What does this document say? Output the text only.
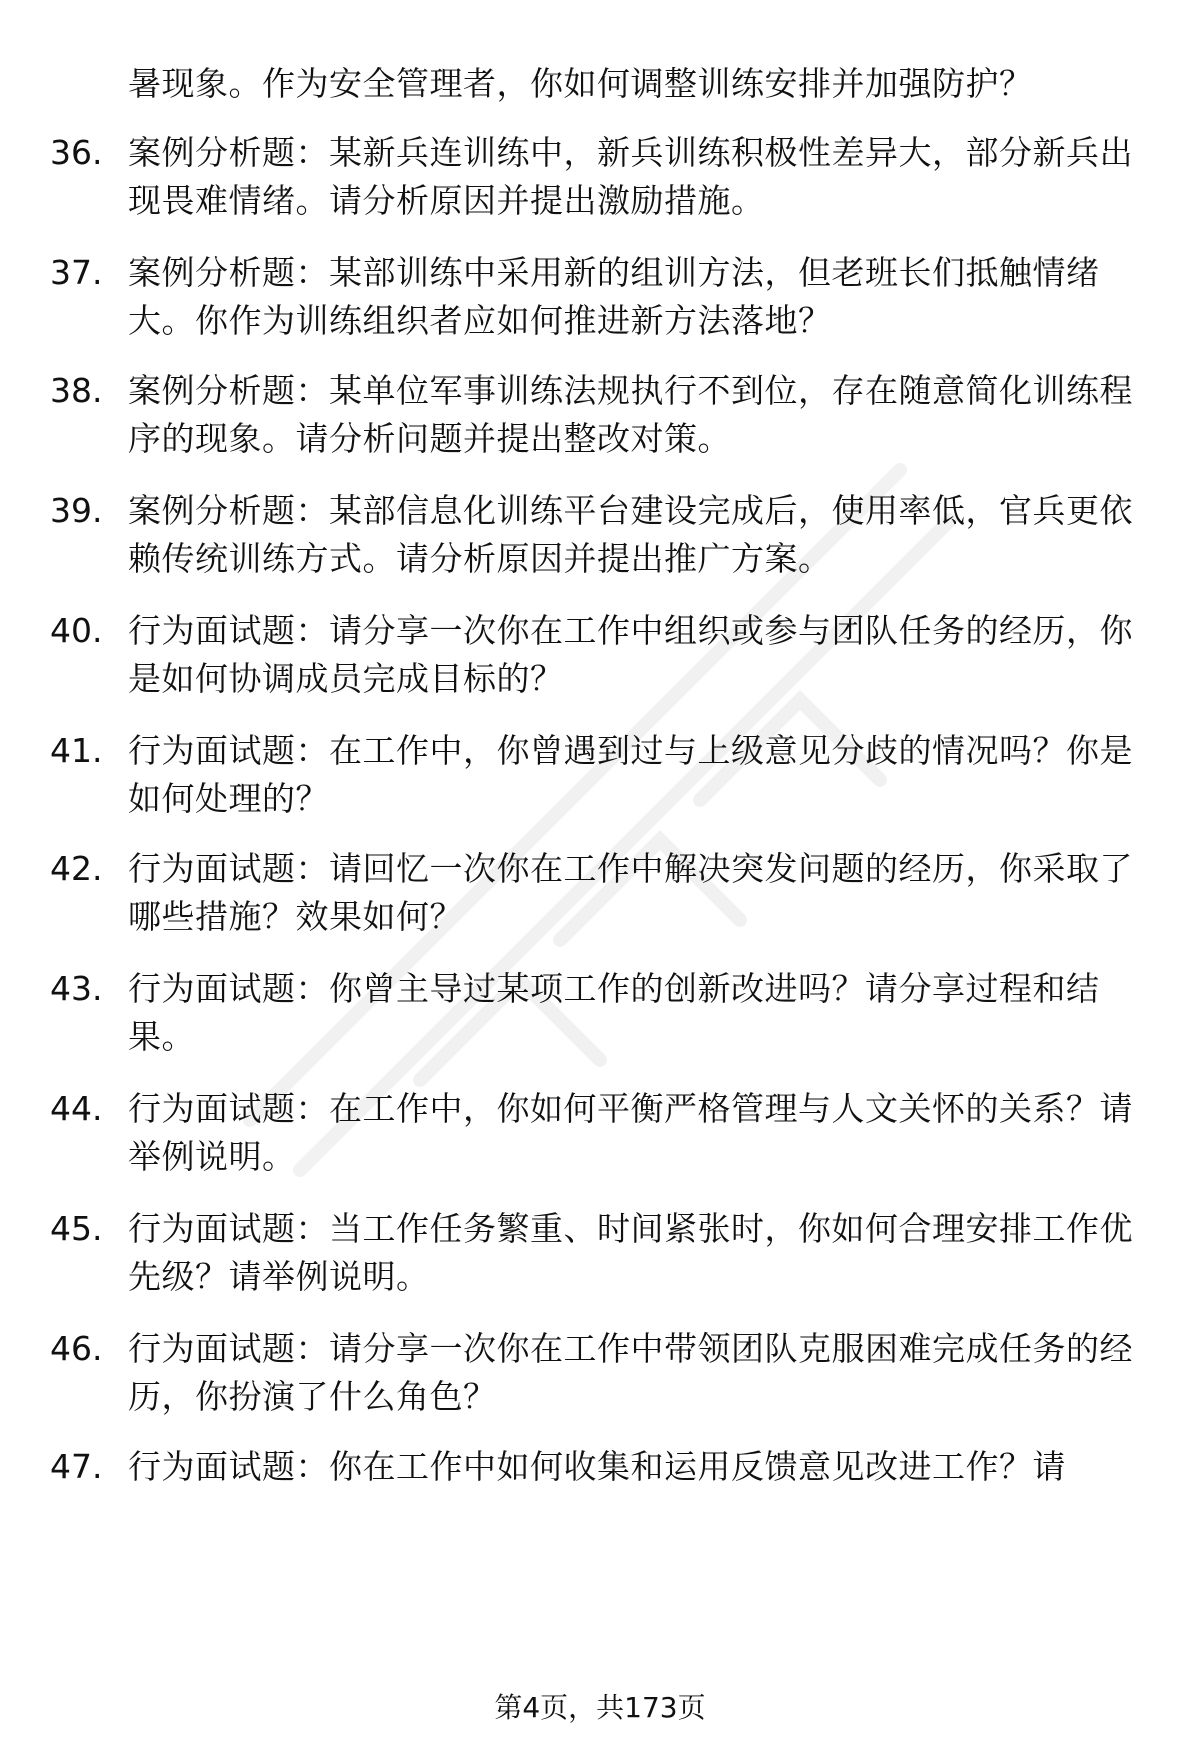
暑现象。作为安全管理者，你如何调整训练安排并加强防护？
36. 案例分析题：某新兵连训练中，新兵训练积极性差异大，部分新兵出现畏难情绪。请分析原因并提出激励措施。
37. 案例分析题：某部训练中采用新的组训方法，但老班长们抵触情绪大。你作为训练组织者应如何推进新方法落地？
38. 案例分析题：某单位军事训练法规执行不到位，存在随意简化训练程序的现象。请分析问题并提出整改对策。
39. 案例分析题：某部信息化训练平台建设完成后，使用率低，官兵更依赖传统训练方式。请分析原因并提出推广方案。
40. 行为面试题：请分享一次你在工作中组织或参与团队任务的经历，你是如何协调成员完成目标的？
41. 行为面试题：在工作中，你曾遇到过与上级意见分歧的情况吗？你是如何处理的？
42. 行为面试题：请回忆一次你在工作中解决突发问题的经历，你采取了哪些措施？效果如何？
43. 行为面试题：你曾主导过某项工作的创新改进吗？请分享过程和结果。
44. 行为面试题：在工作中，你如何平衡严格管理与人文关怀的关系？请举例说明。
45. 行为面试题：当工作任务繁重、时间紧张时，你如何合理安排工作优先级？请举例说明。
46. 行为面试题：请分享一次你在工作中带领团队克服困难完成任务的经历，你扮演了什么角色？
47. 行为面试题：你在工作中如何收集和运用反馈意见改进工作？请
第4页，共173页
